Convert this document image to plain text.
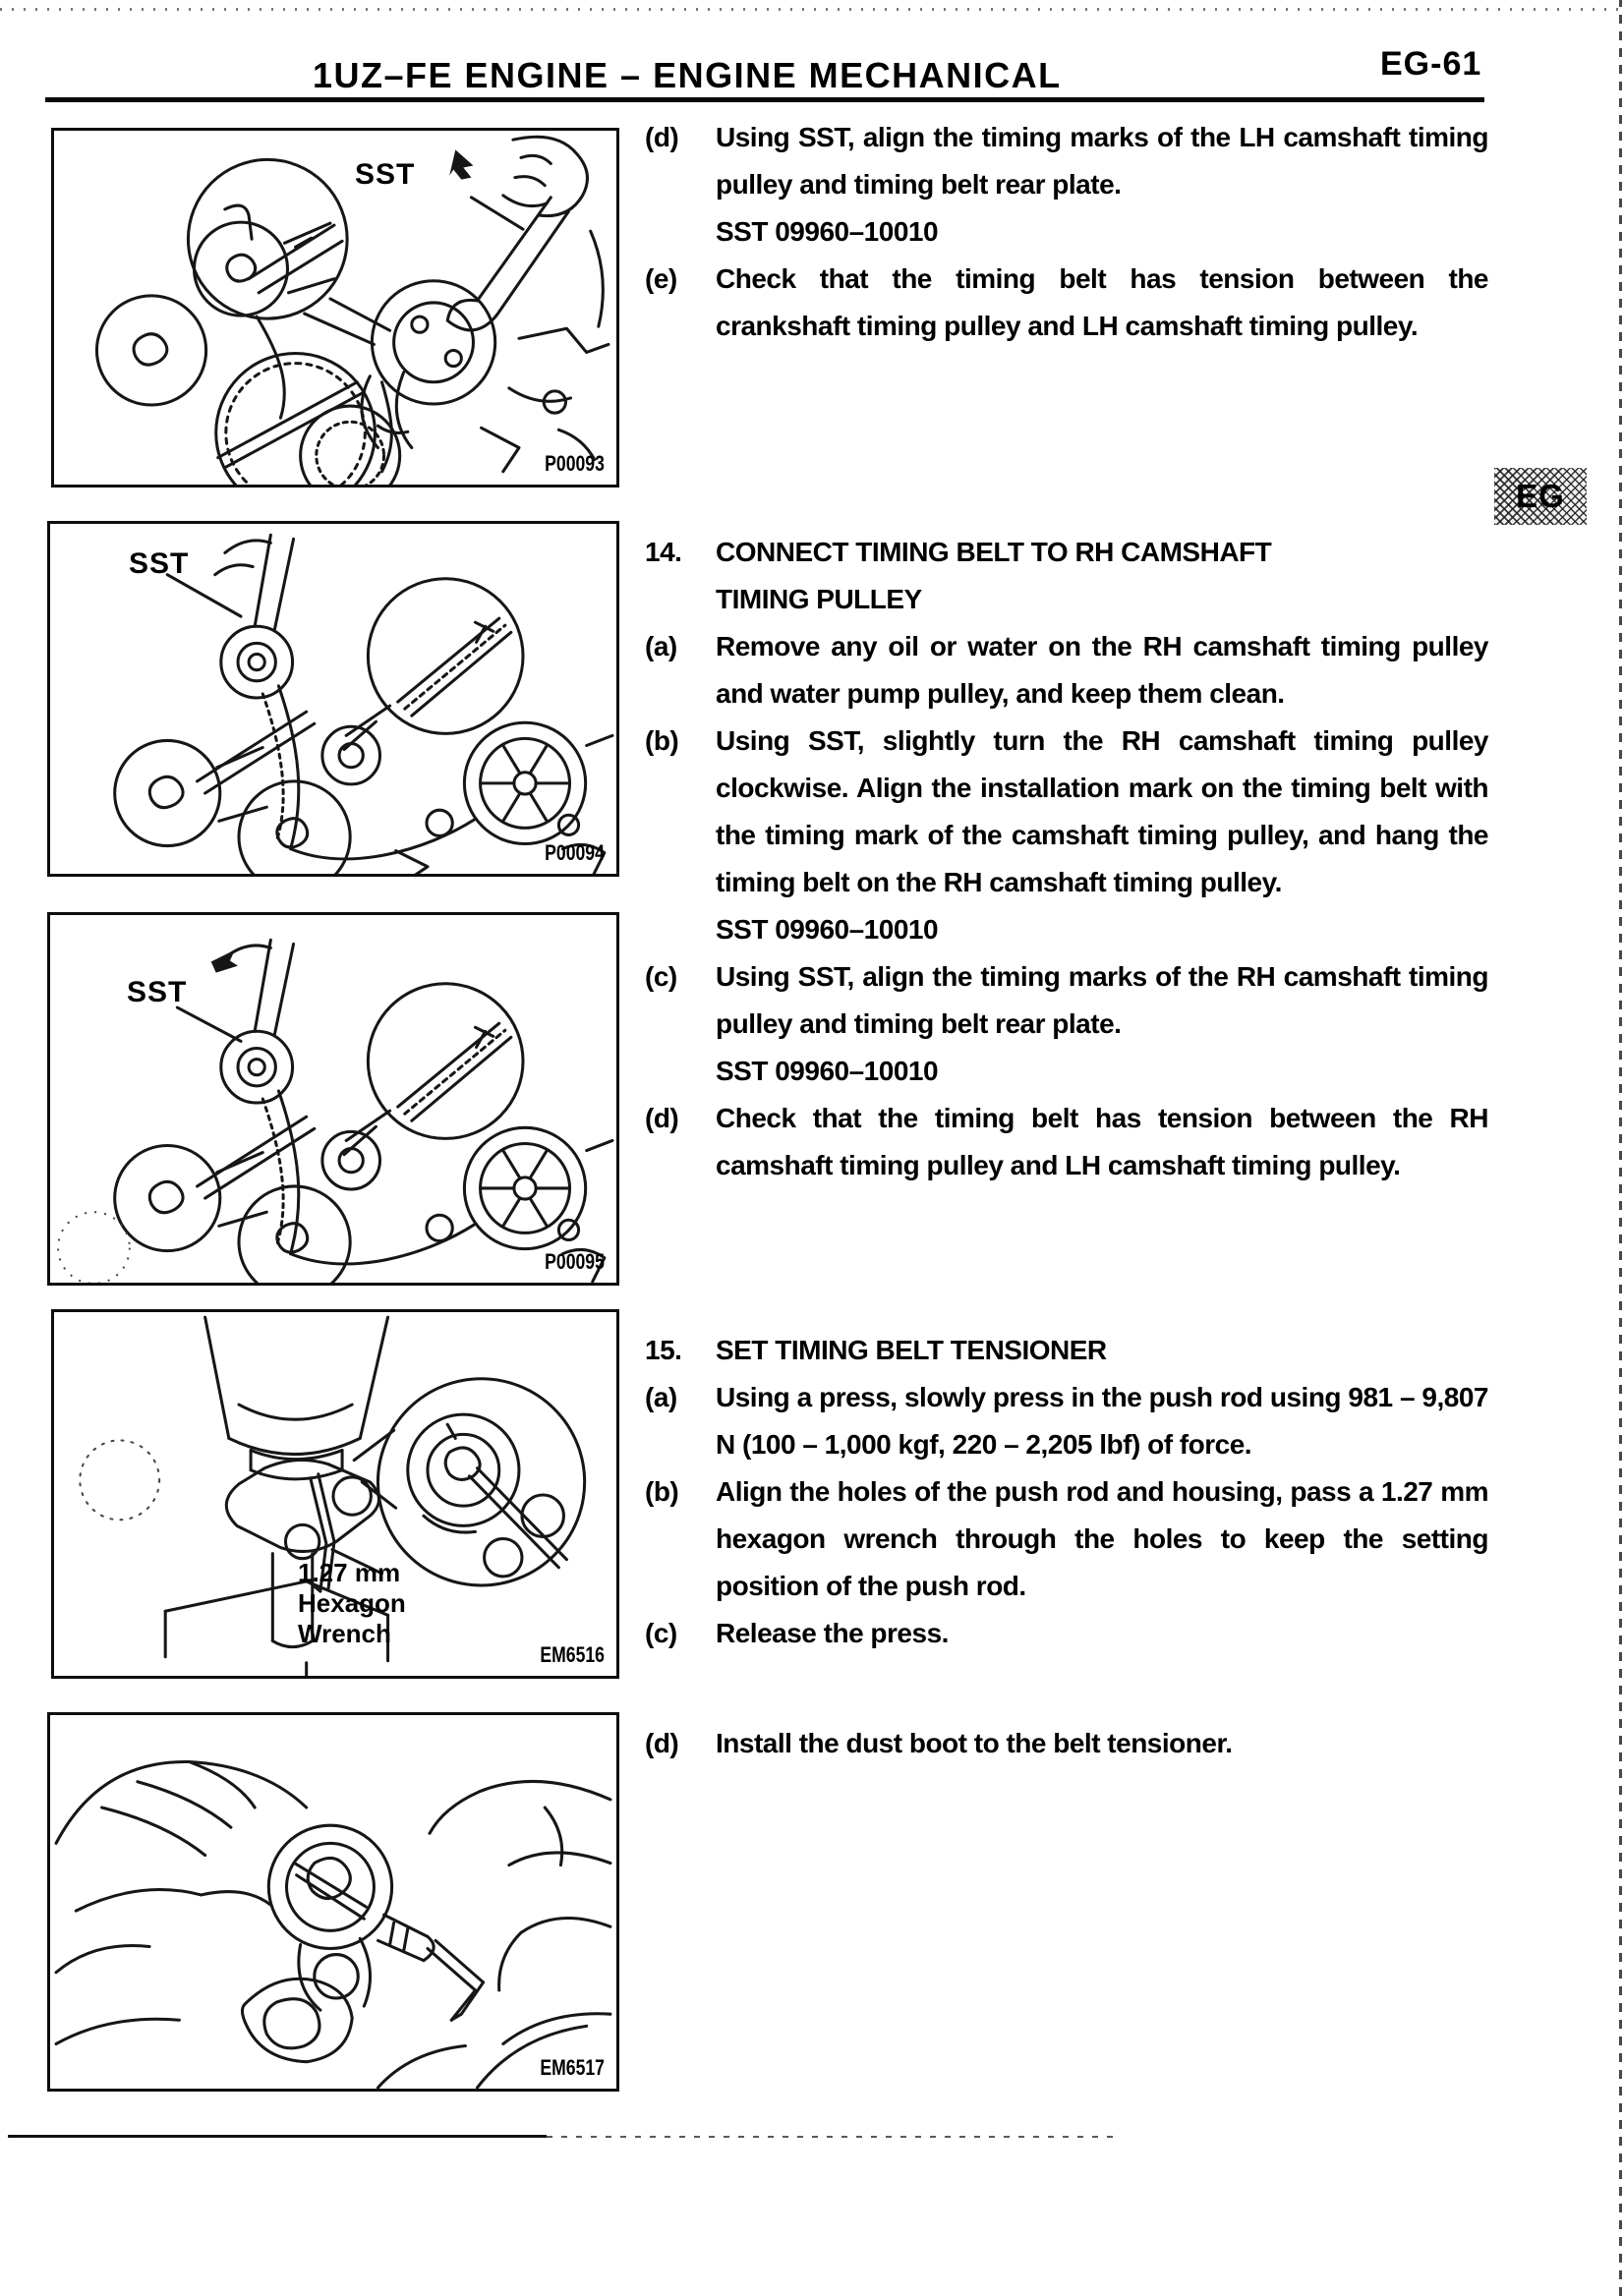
1UZ–FE ENGINE – ENGINE MECHANICAL	EG-61
EG
SST
P00093
SST
P00094
SST
P00095
1.27 mm
Hexagon
Wrench
EM6516
EM6517
(d)	Using SST, align the timing marks of the LH camshaft timing pulley and timing belt rear plate.

SST 09960–10010

(e)	Check that the timing belt has tension between the crankshaft timing pulley and LH camshaft timing pulley.

14.	CONNECT TIMING BELT TO RH CAMSHAFT TIMING PULLEY
(a)	Remove any oil or water on the RH camshaft timing pulley and water pump pulley, and keep them clean.

(b)	Using SST, slightly turn the RH camshaft timing pulley clockwise. Align the installation mark on the timing belt with the timing mark of the camshaft timing pulley, and hang the timing belt on the RH camshaft timing pulley.

SST 09960–10010

(c)	Using SST, align the timing marks of the RH camshaft timing pulley and timing belt rear plate.

SST 09960–10010

(d)	Check that the timing belt has tension between the RH camshaft timing pulley and LH camshaft timing pulley.

15.	SET TIMING BELT TENSIONER
(a)	Using a press, slowly press in the push rod using 981 – 9,807 N (100 – 1,000 kgf, 220 – 2,205 lbf) of force.

(b)	Align the holes of the push rod and housing, pass a 1.27 mm hexagon wrench through the holes to keep the setting position of the push rod.

(c)	Release the press.

(d)	Install the dust boot to the belt tensioner.
